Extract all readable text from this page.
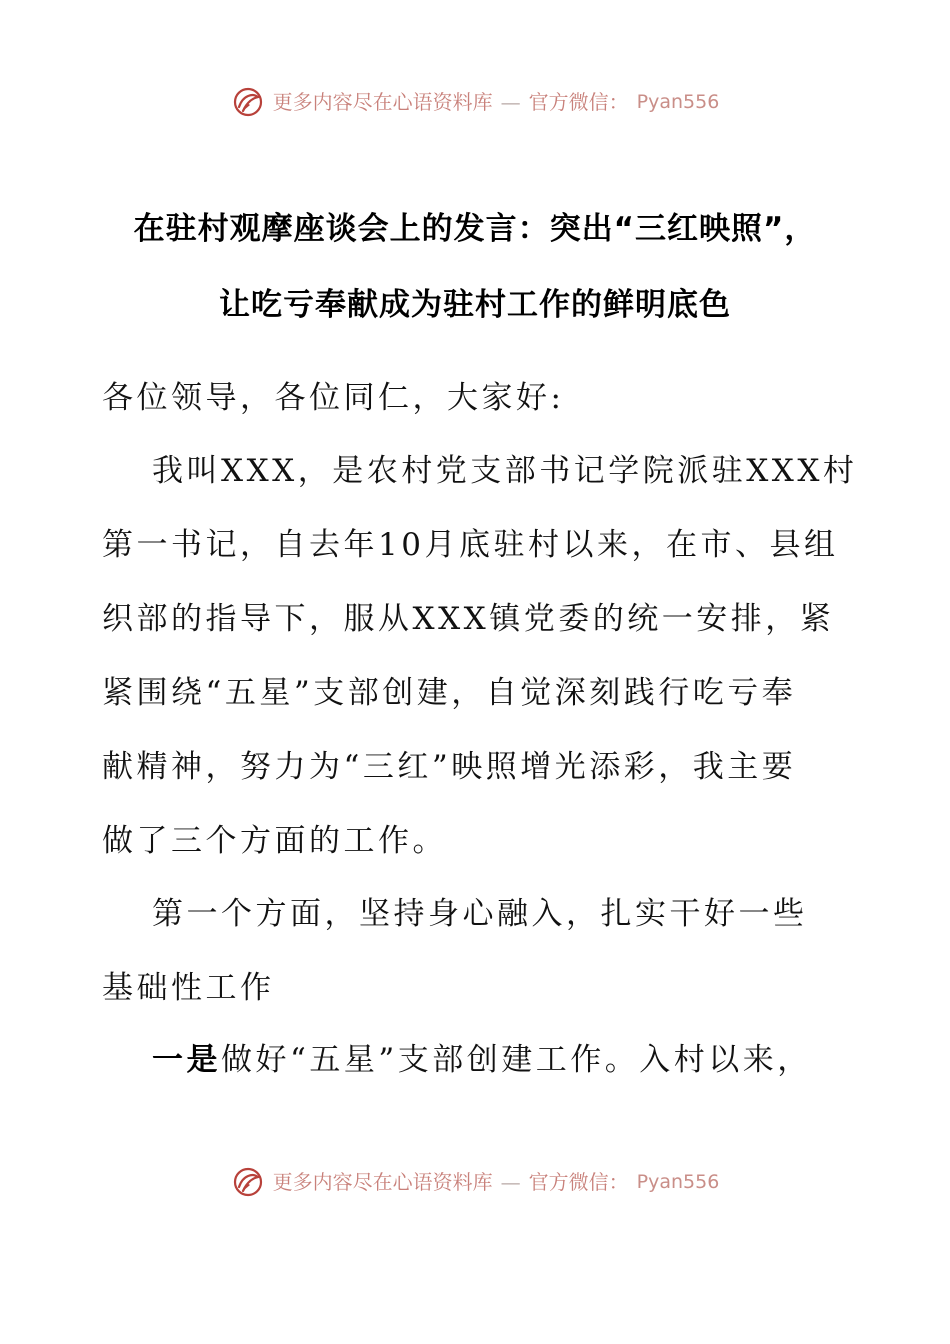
更多内容尽在心语资料库 — 官方微信： Pyan556
在驻村观摩座谈会上的发言：突出“三红映照”，
让吃亏奉献成为驻村工作的鲜明底色
各位领导，各位同仁，大家好:
我叫XXX，是农村党支部书记学院派驻XXX村
第一书记，自去年10月底驻村以来，在市、县组
织部的指导下，服从XXX镇党委的统一安排，紧
紧围绕“五星”支部创建，自觉深刻践行吃亏奉
献精神，努力为“三红”映照增光添彩，我主要
做了三个方面的工作。
第一个方面，坚持身心融入，扎实干好一些
基础性工作
一是做好“五星”支部创建工作。入村以来，
更多内容尽在心语资料库 — 官方微信： Pyan556
